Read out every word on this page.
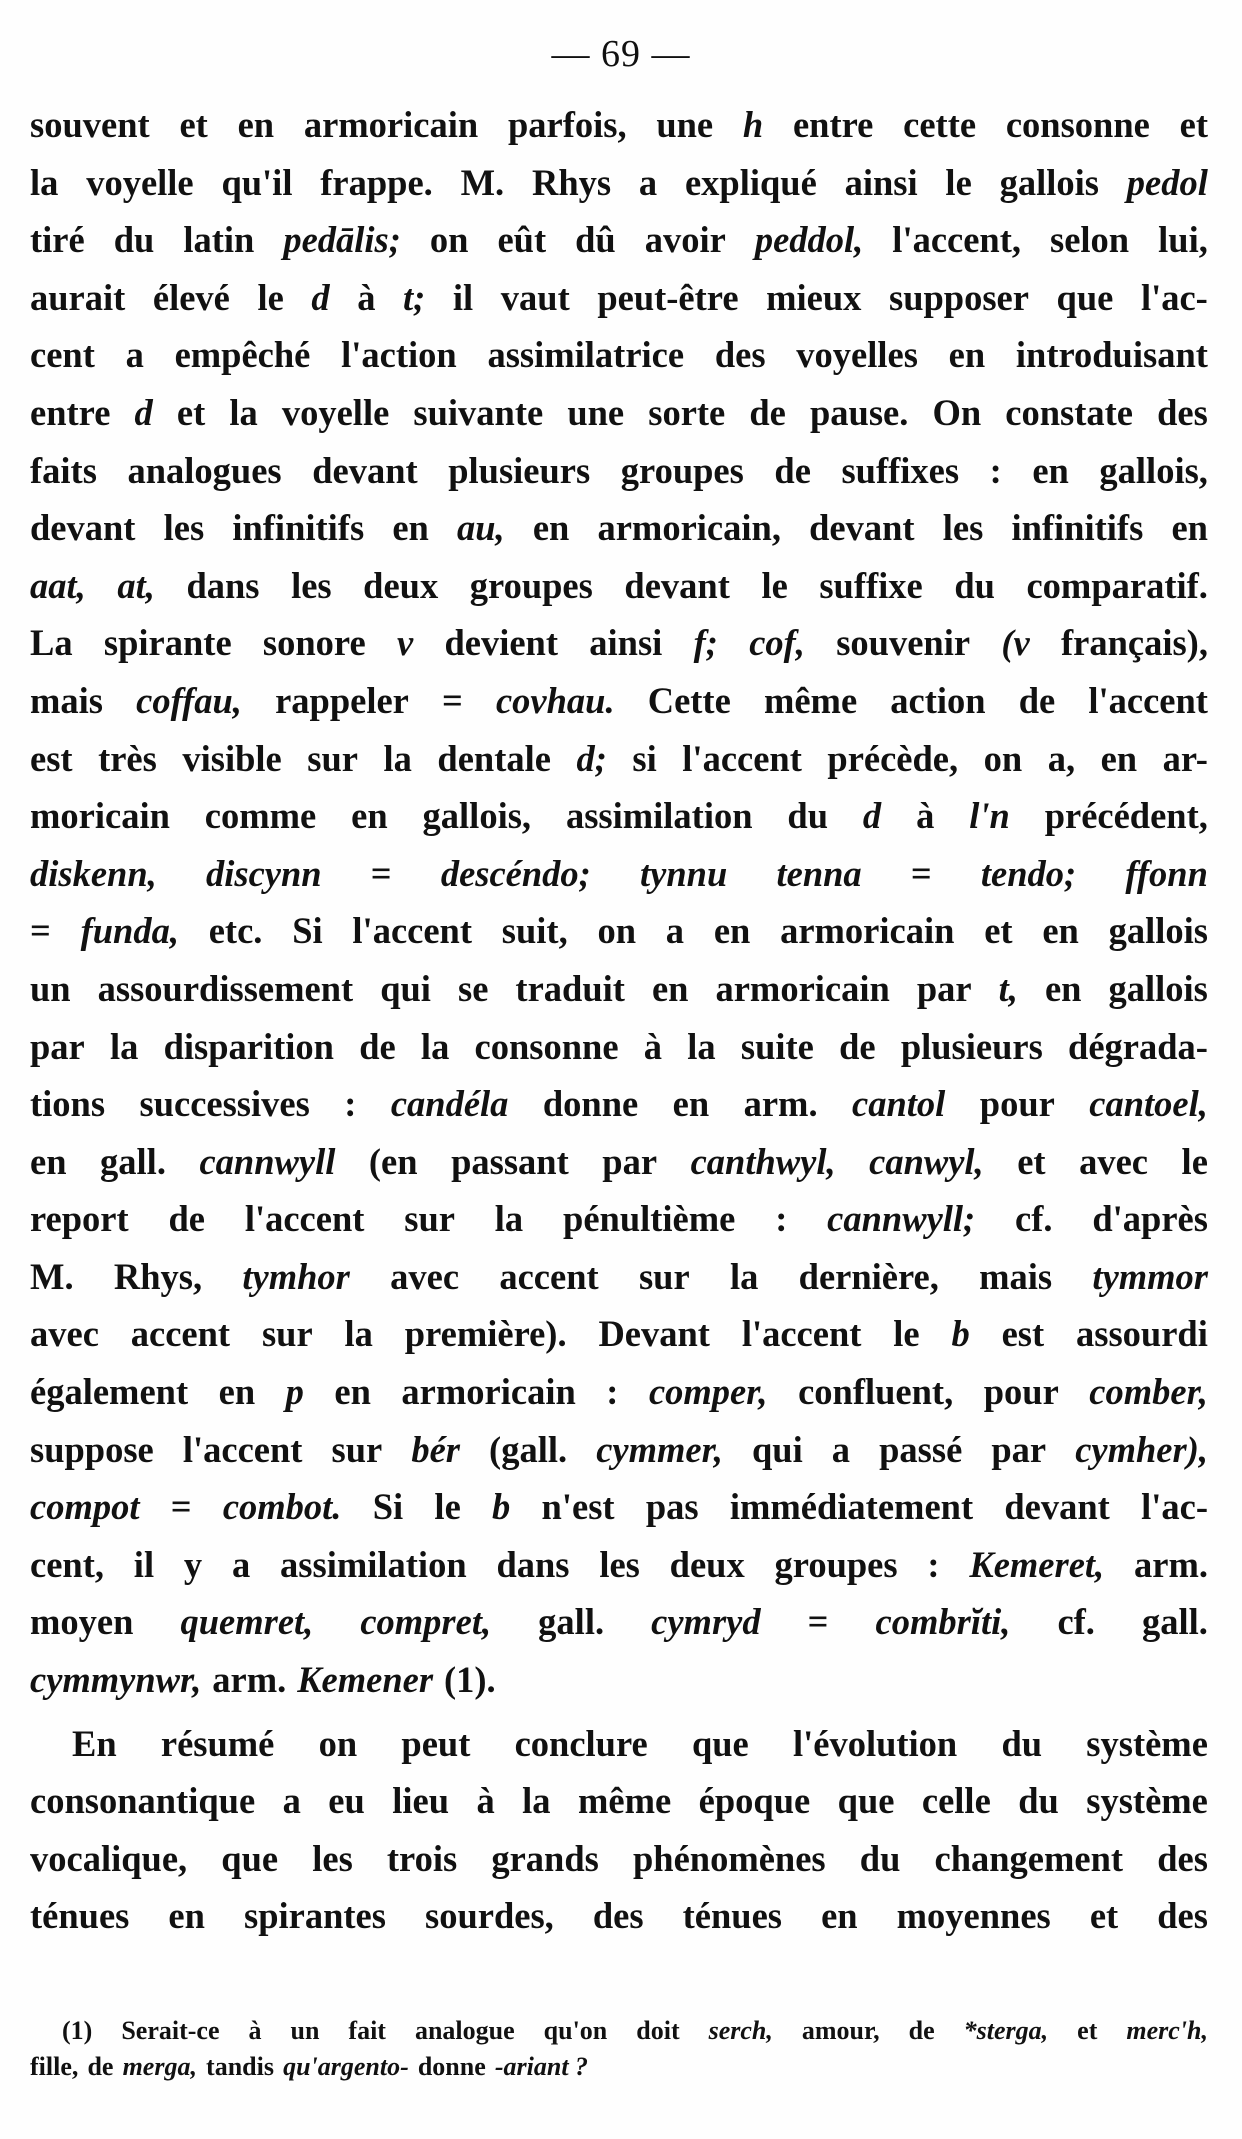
— 69 —
souvent et en armoricain parfois, une h entre cette consonne et
la voyelle qu'il frappe. M. Rhys a expliqué ainsi le gallois pedol
tiré du latin pedālis; on eût dû avoir peddol, l'accent, selon lui,
aurait élevé le d à t; il vaut peut-être mieux supposer que l'ac-
cent a empêché l'action assimilatrice des voyelles en introduisant
entre d et la voyelle suivante une sorte de pause. On constate des
faits analogues devant plusieurs groupes de suffixes : en gallois,
devant les infinitifs en au, en armoricain, devant les infinitifs en
aat, at, dans les deux groupes devant le suffixe du comparatif.
La spirante sonore v devient ainsi f; cof, souvenir (v français),
mais coffau, rappeler = covhau. Cette même action de l'accent
est très visible sur la dentale d; si l'accent précède, on a, en ar-
moricain comme en gallois, assimilation du d à l'n précédent,
diskenn, discynn = descéndo; tynnu tenna = tendo; ffonn
= funda, etc. Si l'accent suit, on a en armoricain et en gallois
un assourdissement qui se traduit en armoricain par t, en gallois
par la disparition de la consonne à la suite de plusieurs dégrada-
tions successives : candéla donne en arm. cantol pour cantoel,
en gall. cannwyll (en passant par canthwyl, canwyl, et avec le
report de l'accent sur la pénultième : cannwyll; cf. d'après
M. Rhys, tymhor avec accent sur la dernière, mais tymmor
avec accent sur la première). Devant l'accent le b est assourdi
également en p en armoricain : comper, confluent, pour comber,
suppose l'accent sur bér (gall. cymmer, qui a passé par cymher),
compot = combot. Si le b n'est pas immédiatement devant l'ac-
cent, il y a assimilation dans les deux groupes : Kemeret, arm.
moyen quemret, compret, gall. cymryd = combrĭti, cf. gall.
cymmynwr, arm. Kemener (1).
En résumé on peut conclure que l'évolution du système
consonantique a eu lieu à la même époque que celle du système
vocalique, que les trois grands phénomènes du changement des
ténues en spirantes sourdes, des ténues en moyennes et des
(1) Serait-ce à un fait analogue qu'on doit serch, amour, de *sterga, et merc'h,
fille, de merga, tandis qu'argento- donne -ariant ?
